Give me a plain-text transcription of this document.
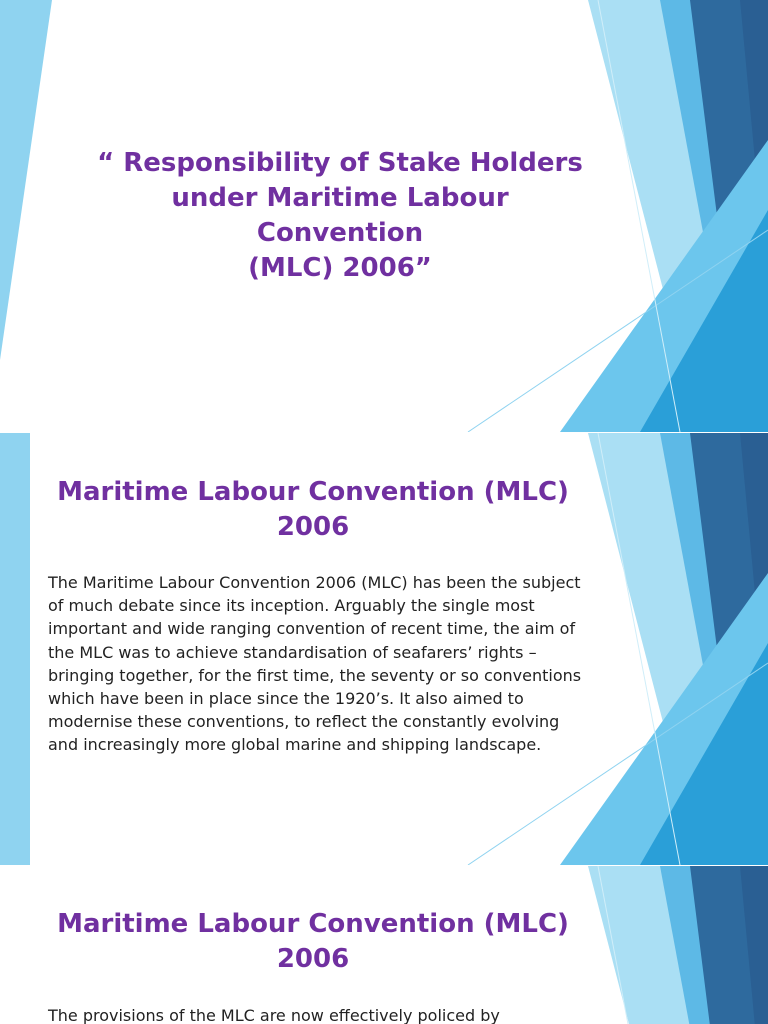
“ Responsibility of Stake Holders
under Maritime Labour Convention
(MLC) 2006”
Maritime Labour Convention (MLC)
2006

The Maritime Labour Convention 2006 (MLC) has been the subject of much debate since its inception. Arguably the single most important and wide ranging convention of recent time, the aim of the MLC was to achieve standardisation of seafarers’ rights – bringing together, for the first time, the seventy or so conventions which have been in place since the 1920’s. It also aimed to modernise these conventions, to reflect the constantly evolving and increasingly more global marine and shipping landscape.

Maritime Labour Convention (MLC)
2006

The provisions of the MLC are now effectively policed by
